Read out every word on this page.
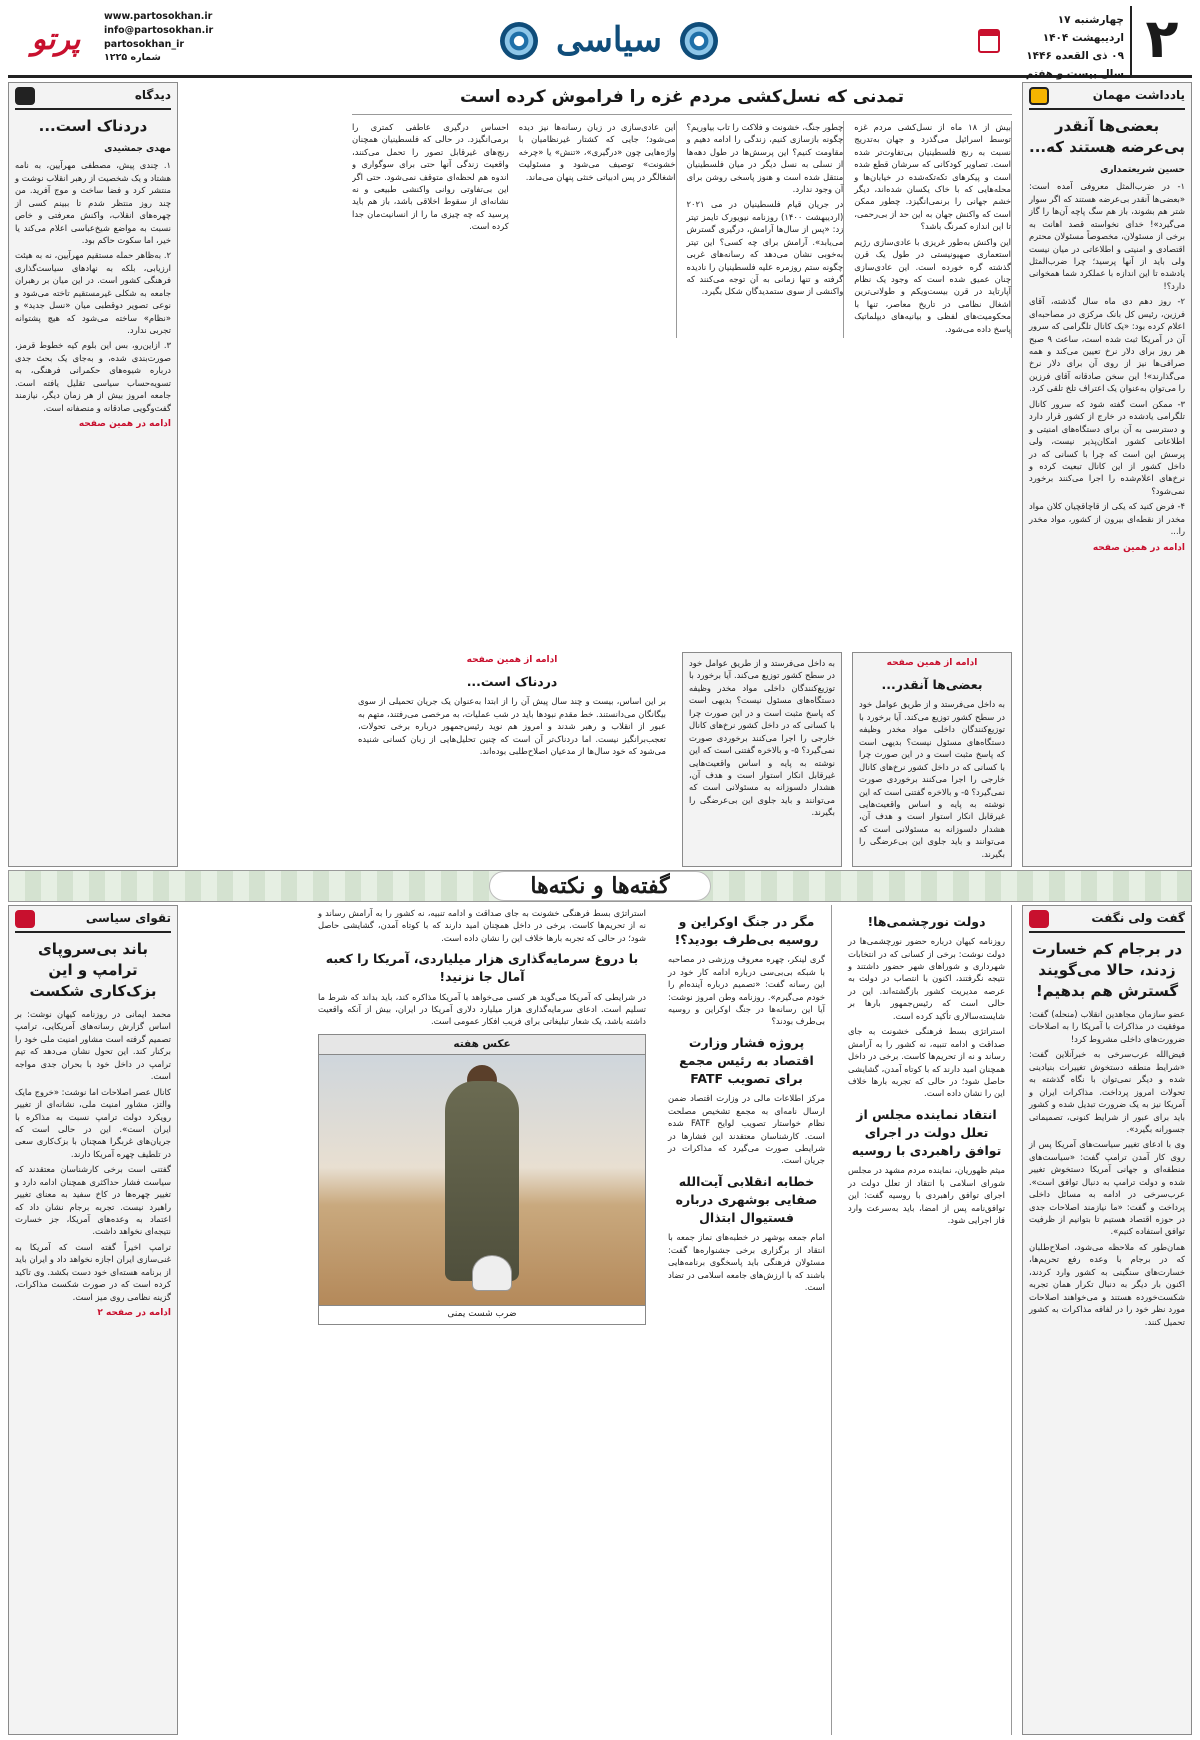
۲
چهارشنبه ۱۷ اردیبهشت ۱۴۰۴
۰۹ ذی القعده ۱۴۴۶
سال بیست و هفتم
سیاسی
www.partosokhan.ir
info@partosokhan.ir
partosokhan_ir
شماره ۱۲۲۵
پرتو
یادداشت مهمان
بعضی‌ها آنقدر بی‌عرضه هستند که...
حسین شریعتمداری

۱- در ضرب‌المثل معروفی آمده است: «بعضی‌ها آنقدر بی‌عرضه هستند که اگر سوار شتر هم بشوند، باز هم سگ پاچه آن‌ها را گاز می‌گیرد»! خدای نخواسته قصد اهانت به برخی از مسئولان، مخصوصاً مسئولان محترم اقتصادی و امنیتی و اطلاعاتی در میان نیست ولی باید از آنها پرسید؛ چرا ضرب‌المثل یادشده تا این اندازه با عملکرد شما همخوانی دارد؟!

۲- روز دهم دی ماه سال گذشته، آقای فرزین، رئیس کل بانک مرکزی در مصاحبه‌ای اعلام کرده بود: «یک کانال تلگرامی که سرور آن در آمریکا ثبت شده است، ساعت ۹ صبح هر روز برای دلار نرخ تعیین می‌کند و همه صرافی‌ها نیز از روی آن برای دلار نرخ می‌گذارند»! این سخن صادقانه آقای فرزین را می‌توان به‌عنوان یک اعتراف تلخ تلقی کرد.

۳- ممکن است گفته شود که سرور کانال تلگرامی یادشده در خارج از کشور قرار دارد و دسترسی به آن برای دستگاه‌های امنیتی و اطلاعاتی کشور امکان‌پذیر نیست، ولی پرسش این است که چرا با کسانی که در داخل کشور از این کانال تبعیت کرده و نرخ‌های اعلام‌شده را اجرا می‌کنند برخورد نمی‌شود؟

۴- فرض کنید که یکی از قاچاقچیان کلان مواد مخدر از نقطه‌ای بیرون از کشور، مواد مخدر را...

ادامه در همین صفحه
تمدنی که نسل‌کشی مردم غزه را فراموش کرده است

بیش از ۱۸ ماه از نسل‌کشی مردم غزه توسط اسرائیل می‌گذرد و جهان به‌تدریج نسبت به رنج فلسطینیان بی‌تفاوت‌تر شده است. تصاویر کودکانی که سرشان قطع شده است و پیکرهای تکه‌تکه‌شده در خیابان‌ها و محله‌هایی که با خاک یکسان شده‌اند، دیگر خشم جهانی را برنمی‌انگیزد. چطور ممکن است که واکنش جهان به این حد از بی‌رحمی، تا این اندازه کمرنگ باشد؟

این واکنش به‌طور غریزی با عادی‌سازی رژیم استعماری صهیونیستی در طول یک قرن گذشته گره خورده است. این عادی‌سازی چنان عمیق شده است که وجود یک نظام آپارتاید در قرن بیست‌ویکم و طولانی‌ترین اشغال نظامی در تاریخ معاصر، تنها با محکومیت‌های لفظی و بیانیه‌های دیپلماتیک پاسخ داده می‌شود.

چطور جنگ، خشونت و فلاکت را تاب بیاوریم؟ چگونه بازسازی کنیم، زندگی را ادامه دهیم و مقاومت کنیم؟ این پرسش‌ها در طول دهه‌ها از نسلی به نسل دیگر در میان فلسطینیان منتقل شده است و هنوز پاسخی روشن برای آن وجود ندارد.

در جریان قیام فلسطینیان در می ۲۰۲۱ (اردیبهشت ۱۴۰۰) روزنامه نیویورک تایمز تیتر زد: «پس از سال‌ها آرامش، درگیری گسترش می‌یابد». آرامش برای چه کسی؟ این تیتر به‌خوبی نشان می‌دهد که رسانه‌های غربی چگونه ستم روزمره علیه فلسطینیان را نادیده گرفته و تنها زمانی به آن توجه می‌کنند که واکنشی از سوی ستمدیدگان شکل بگیرد.

این عادی‌سازی در زبان رسانه‌ها نیز دیده می‌شود؛ جایی که کشتار غیرنظامیان با واژه‌هایی چون «درگیری»، «تنش» یا «چرخه خشونت» توصیف می‌شود و مسئولیت اشغالگر در پس ادبیاتی خنثی پنهان می‌ماند.

احساس درگیری عاطفی کمتری را برمی‌انگیزد. در حالی که فلسطینیان همچنان رنج‌های غیرقابل تصور را تحمل می‌کنند، واقعیت زندگی آنها حتی برای سوگواری و اندوه هم لحظه‌ای متوقف نمی‌شود. حتی اگر این بی‌تفاوتی روانی واکنشی طبیعی و نه نشانه‌ای از سقوط اخلاقی باشد، باز هم باید پرسید که چه چیزی ما را از انسانیت‌مان جدا کرده است.

ادامه از همین صفحه
بعضی‌ها آنقدر...

به داخل می‌فرستد و از طریق عوامل خود در سطح کشور توزیع می‌کند. آیا برخورد با توزیع‌کنندگان داخلی مواد مخدر وظیفه دستگاه‌های مسئول نیست؟ بدیهی است که پاسخ مثبت است و در این صورت چرا با کسانی که در داخل کشور نرخ‌های کانال خارجی را اجرا می‌کنند برخوردی صورت نمی‌گیرد؟ ۵- و بالاخره گفتنی است که این نوشته به پایه و اساس واقعیت‌هایی غیرقابل انکار استوار است و هدف آن، هشدار دلسوزانه به مسئولانی است که می‌توانند و باید جلوی این بی‌عرضگی را بگیرند.

به داخل می‌فرستد و از طریق عوامل خود در سطح کشور توزیع می‌کند. آیا برخورد با توزیع‌کنندگان داخلی مواد مخدر وظیفه دستگاه‌های مسئول نیست؟ بدیهی است که پاسخ مثبت است و در این صورت چرا با کسانی که در داخل کشور نرخ‌های کانال خارجی را اجرا می‌کنند برخوردی صورت نمی‌گیرد؟ ۵- و بالاخره گفتنی است که این نوشته به پایه و اساس واقعیت‌هایی غیرقابل انکار استوار است و هدف آن، هشدار دلسوزانه به مسئولانی است که می‌توانند و باید جلوی این بی‌عرضگی را بگیرند.

ادامه از همین صفحه
دردناک است...

بر این اساس، بیست و چند سال پیش آن را از ابتدا به‌عنوان یک جریان تحمیلی از سوی بیگانگان می‌دانستند. خط مقدم نبودها باید در شب عملیات، به مرخصی می‌رفتند، متهم به عبور از انقلاب و رهبر شدند و امروز هم نوید رئیس‌جمهور درباره برخی تحولات، تعجب‌برانگیز نیست. اما دردناک‌تر آن است که چنین تحلیل‌هایی از زبان کسانی شنیده می‌شود که خود سال‌ها از مدعیان اصلاح‌طلبی بوده‌اند.

دیدگاه
دردناک است...
مهدی جمشیدی

۱. چندی پیش، مصطفی مهرآیین، به نامه هشتاد و یک شخصیت از رهبر انقلاب نوشت و منتشر کرد و فضا ساخت و موج آفرید. من چند روز منتظر شدم تا ببینم کسی از چهره‌های انقلاب، واکنش معرفتی و خاص نسبت به مواضع شیخ‌عباسی اعلام می‌کند یا خیر، اما سکوت حاکم بود.

۲. به‌ظاهر حمله مستقیم مهرآیین، نه به هیئت ارزیابی، بلکه به نهادهای سیاست‌گذاری فرهنگی کشور است. در این میان بر رهبران جامعه به شکلی غیرمستقیم تاخته می‌شود و نوعی تصویر دوقطبی میان «نسل جدید» و «نظام» ساخته می‌شود که هیچ پشتوانه تجربی ندارد.

۳. ازاین‌رو، بس این بلوم کیه خطوط قرمز، صورت‌بندی شده، و به‌جای یک بحث جدی درباره شیوه‌های حکمرانی فرهنگی، به تسویه‌حساب سیاسی تقلیل یافته است. جامعه امروز بیش از هر زمان دیگر، نیازمند گفت‌وگویی صادقانه و منصفانه است.

ادامه در همین صفحه
گفته‌ها و نکته‌ها
گفت ولی نگفت
در برجام کم خسارت زدند، حالا می‌گویند گسترش هم بدهیم!

عضو سازمان مجاهدین انقلاب (منحله) گفت: موفقیت در مذاکرات با آمریکا را به اصلاحات ضرورت‌های داخلی مشروط کرد!

فیض‌الله عرب‌سرخی به خبرآنلاین گفت: «شرایط منطقه دستخوش تغییرات بنیادینی شده و دیگر نمی‌توان با نگاه گذشته به تحولات امروز پرداخت. مذاکرات ایران و آمریکا نیز به یک ضرورت تبدیل شده و کشور باید برای عبور از شرایط کنونی، تصمیماتی جسورانه بگیرد».

وی با ادعای تغییر سیاست‌های آمریکا پس از روی کار آمدن ترامپ گفت: «سیاست‌های منطقه‌ای و جهانی آمریکا دستخوش تغییر شده و دولت ترامپ به دنبال توافق است». عرب‌سرخی در ادامه به مسائل داخلی پرداخت و گفت: «ما نیازمند اصلاحات جدی در حوزه اقتصاد هستیم تا بتوانیم از ظرفیت توافق استفاده کنیم».

همان‌طور که ملاحظه می‌شود، اصلاح‌طلبان که در برجام با وعده رفع تحریم‌ها، خسارت‌های سنگینی به کشور وارد کردند، اکنون بار دیگر به دنبال تکرار همان تجربه شکست‌خورده هستند و می‌خواهند اصلاحات مورد نظر خود را در لفافه مذاکرات به کشور تحمیل کنند.

دولت نورچشمی‌ها!

روزنامه کیهان درباره حضور نورچشمی‌ها در دولت نوشت: برخی از کسانی که در انتخابات شهرداری و شوراهای شهر حضور داشتند و نتیجه نگرفتند، اکنون با انتصاب در دولت به عرصه مدیریت کشور بازگشته‌اند. این در حالی است که رئیس‌جمهور بارها بر شایسته‌سالاری تأکید کرده است.

استراتژی بسط فرهنگی خشونت به جای صداقت و ادامه تنبیه، نه کشور را به آرامش رساند و نه از تحریم‌ها کاست. برخی در داخل همچنان امید دارند که با کوتاه آمدن، گشایشی حاصل شود؛ در حالی که تجربه بارها خلاف این را نشان داده است.

انتقاد نماینده مجلس از تعلل دولت در اجرای توافق راهبردی با روسیه

میثم ظهوریان، نماینده مردم مشهد در مجلس شورای اسلامی با انتقاد از تعلل دولت در اجرای توافق راهبردی با روسیه گفت: این توافق‌نامه پس از امضا، باید به‌سرعت وارد فاز اجرایی شود.

مگر در جنگ اوکراین و روسیه بی‌طرف بودید؟!

گری لینکر، چهره معروف ورزشی در مصاحبه با شبکه بی‌بی‌سی درباره ادامه کار خود در این رسانه گفت: «تصمیم درباره آینده‌ام را خودم می‌گیرم». روزنامه وطن امروز نوشت: آیا این رسانه‌ها در جنگ اوکراین و روسیه بی‌طرف بودند؟

پروژه فشار وزارت اقتصاد به رئیس مجمع برای تصویب FATF

مرکز اطلاعات مالی در وزارت اقتصاد ضمن ارسال نامه‌ای به مجمع تشخیص مصلحت نظام خواستار تصویب لوایح FATF شده است. کارشناسان معتقدند این فشارها در شرایطی صورت می‌گیرد که مذاکرات در جریان است.

خطابه انقلابی آیت‌الله صفایی بوشهری درباره فستیوال ابتذال

امام جمعه بوشهر در خطبه‌های نماز جمعه با انتقاد از برگزاری برخی جشنواره‌ها گفت: مسئولان فرهنگی باید پاسخگوی برنامه‌هایی باشند که با ارزش‌های جامعه اسلامی در تضاد است.

استراتژی بسط فرهنگی خشونت به جای صداقت و ادامه تنبیه، نه کشور را به آرامش رساند و نه از تحریم‌ها کاست. برخی در داخل همچنان امید دارند که با کوتاه آمدن، گشایشی حاصل شود؛ در حالی که تجربه بارها خلاف این را نشان داده است.

با دروغ سرمایه‌گذاری هزار میلیاردی، آمریکا را کعبه آمال جا نزنید!

در شرایطی که آمریکا می‌گوید هر کسی می‌خواهد با آمریکا مذاکره کند، باید بداند که شرط ما تسلیم است. ادعای سرمایه‌گذاری هزار میلیارد دلاری آمریکا در ایران، بیش از آنکه واقعیت داشته باشد، یک شعار تبلیغاتی برای فریب افکار عمومی است.

عکس هفته
ضرب شست یمنی
تقوای سیاسی
باند بی‌سروپای ترامپ و این بزک‌کاری شکست

محمد ایمانی در روزنامه کیهان نوشت: بر اساس گزارش رسانه‌های آمریکایی، ترامپ تصمیم گرفته است مشاور امنیت ملی خود را برکنار کند. این تحول نشان می‌دهد که تیم ترامپ در داخل خود با بحران جدی مواجه است.

کانال عصر اصلاحات اما نوشت: «خروج مایک والتز، مشاور امنیت ملی، نشانه‌ای از تغییر رویکرد دولت ترامپ نسبت به مذاکره با ایران است». این در حالی است که جریان‌های غربگرا همچنان با بزک‌کاری سعی در تلطیف چهره آمریکا دارند.

گفتنی است برخی کارشناسان معتقدند که سیاست فشار حداکثری همچنان ادامه دارد و تغییر چهره‌ها در کاخ سفید به معنای تغییر راهبرد نیست. تجربه برجام نشان داد که اعتماد به وعده‌های آمریکا، جز خسارت نتیجه‌ای نخواهد داشت.

ترامپ اخیراً گفته است که آمریکا به غنی‌سازی ایران اجازه نخواهد داد و ایران باید از برنامه هسته‌ای خود دست بکشد. وی تاکید کرده است که در صورت شکست مذاکرات، گزینه نظامی روی میز است.

ادامه در صفحه ۲
